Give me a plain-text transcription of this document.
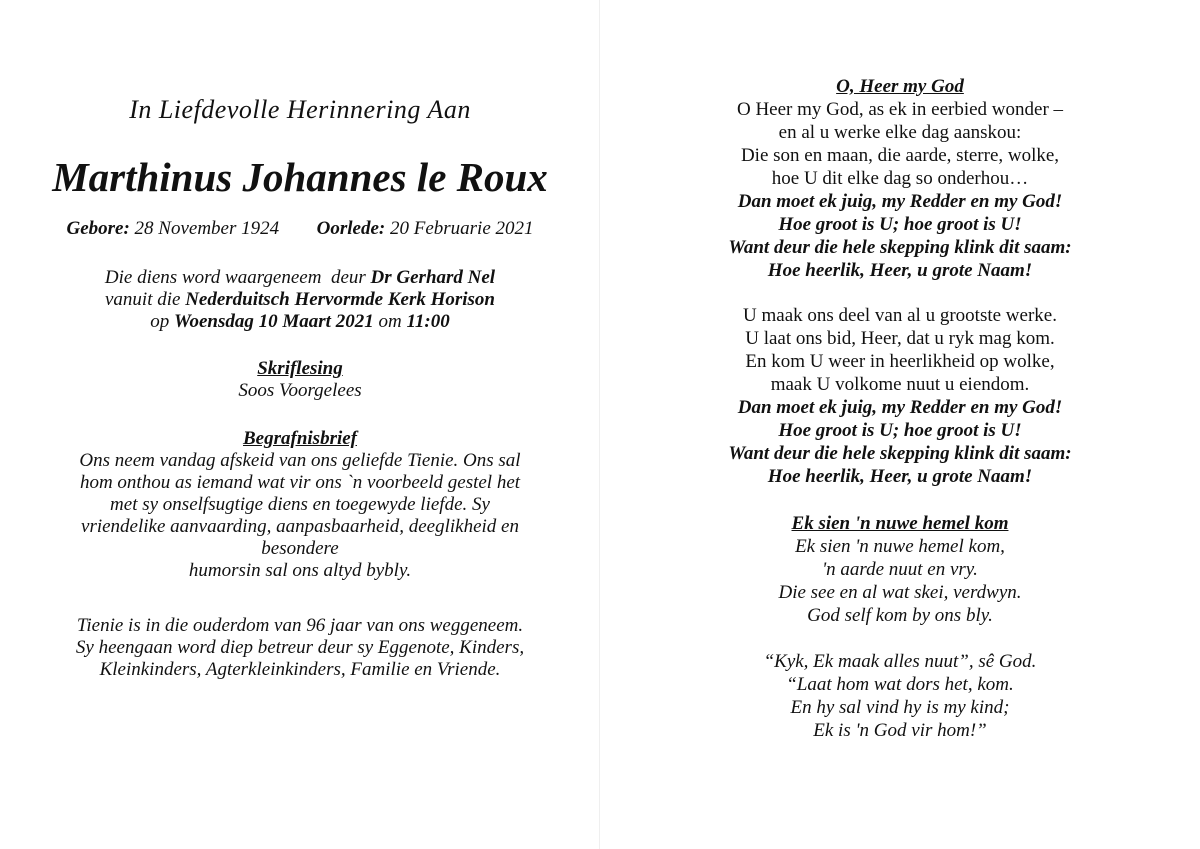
In Liefdevolle Herinnering Aan
Marthinus Johannes le Roux
Gebore: 28 November 1924 Oorlede: 20 Februarie 2021
Die diens word waargeneem  deur Dr Gerhard Nel
vanuit die Nederduitsch Hervormde Kerk Horison
op Woensdag 10 Maart 2021 om 11:00
Skriflesing
Soos Voorgelees
Begrafnisbrief
Ons neem vandag afskeid van ons geliefde Tienie. Ons sal
hom onthou as iemand wat vir ons `n voorbeeld gestel het
met sy onselfsugtige diens en toegewyde liefde. Sy
vriendelike aanvaarding, aanpasbaarheid, deeglikheid en
besondere
humorsin sal ons altyd bybly.
Tienie is in die ouderdom van 96 jaar van ons weggeneem.
Sy heengaan word diep betreur deur sy Eggenote, Kinders,
Kleinkinders, Agterkleinkinders, Familie en Vriende.
O, Heer my God
O Heer my God, as ek in eerbied wonder –
en al u werke elke dag aanskou:
Die son en maan, die aarde, sterre, wolke,
hoe U dit elke dag so onderhou…
Dan moet ek juig, my Redder en my God!
Hoe groot is U; hoe groot is U!
Want deur die hele skepping klink dit saam:
Hoe heerlik, Heer, u grote Naam!
U maak ons deel van al u grootste werke.
U laat ons bid, Heer, dat u ryk mag kom.
En kom U weer in heerlikheid op wolke,
maak U volkome nuut u eiendom.
Dan moet ek juig, my Redder en my God!
Hoe groot is U; hoe groot is U!
Want deur die hele skepping klink dit saam:
Hoe heerlik, Heer, u grote Naam!
Ek sien 'n nuwe hemel kom
Ek sien 'n nuwe hemel kom,
'n aarde nuut en vry.
Die see en al wat skei, verdwyn.
God self kom by ons bly.
“Kyk, Ek maak alles nuut”, sê God.
“Laat hom wat dors het, kom.
En hy sal vind hy is my kind;
Ek is 'n God vir hom!”
